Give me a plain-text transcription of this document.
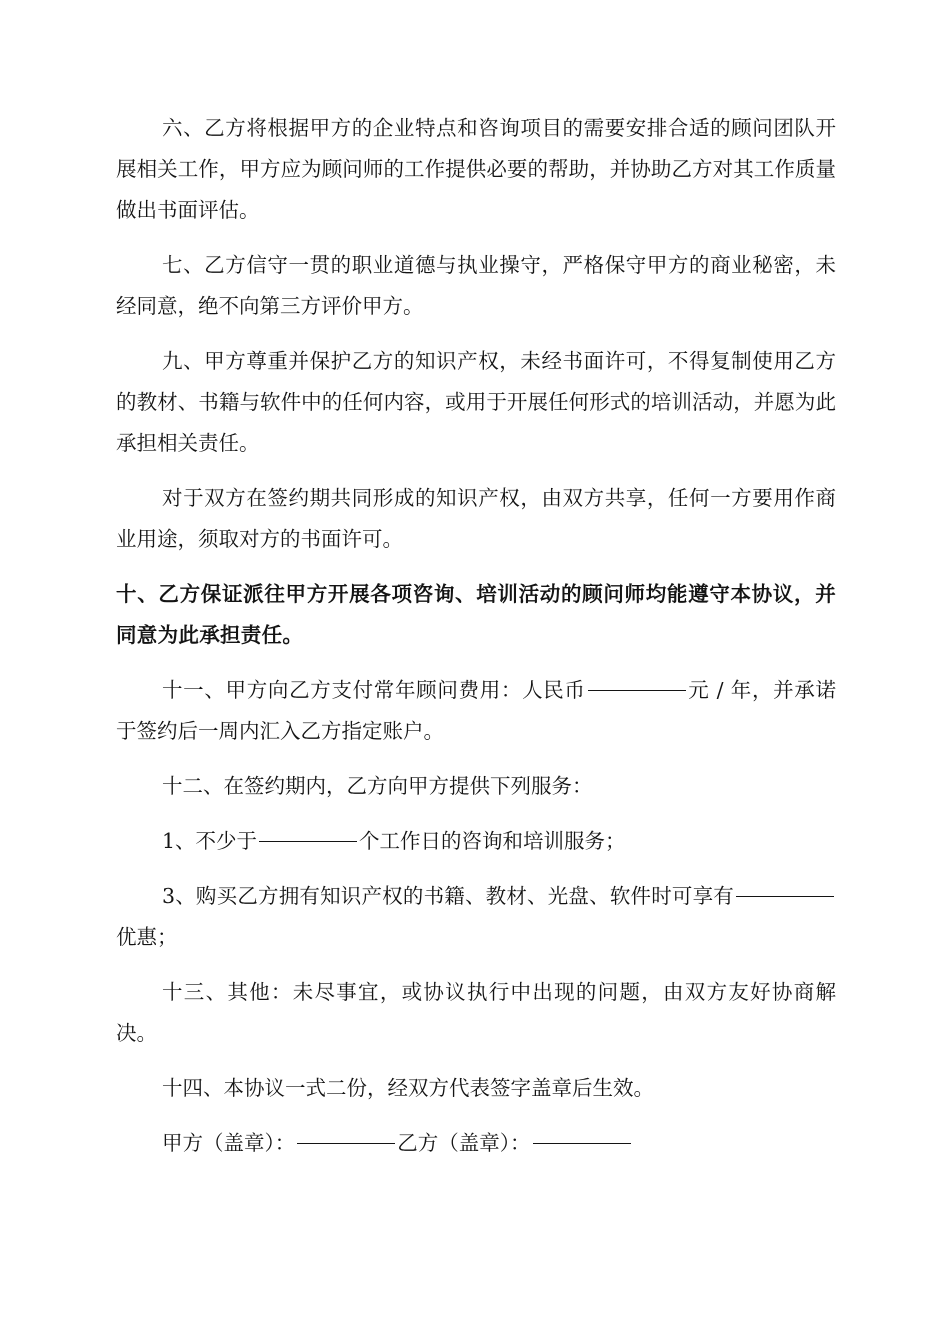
六、乙方将根据甲方的企业特点和咨询项目的需要安排合适的顾问团队开展相关工作，甲方应为顾问师的工作提供必要的帮助，并协助乙方对其工作质量做出书面评估。

七、乙方信守一贯的职业道德与执业操守，严格保守甲方的商业秘密，未经同意，绝不向第三方评价甲方。

九、甲方尊重并保护乙方的知识产权，未经书面许可，不得复制使用乙方的教材、书籍与软件中的任何内容，或用于开展任何形式的培训活动，并愿为此承担相关责任。

对于双方在签约期共同形成的知识产权，由双方共享，任何一方要用作商业用途，须取对方的书面许可。

十、乙方保证派往甲方开展各项咨询、培训活动的顾问师均能遵守本协议，并同意为此承担责任。

十一、甲方向乙方支付常年顾问费用：人民币	元 / 年，并承诺于签约后一周内汇入乙方指定账户。

十二、在签约期内，乙方向甲方提供下列服务：

1、不少于	个工作日的咨询和培训服务；

3、购买乙方拥有知识产权的书籍、教材、光盘、软件时可享有优惠；

十三、其他：未尽事宜，或协议执行中出现的问题，由双方友好协商解决。

十四、本协议一式二份，经双方代表签字盖章后生效。

甲方（盖章）：	乙方（盖章）：
